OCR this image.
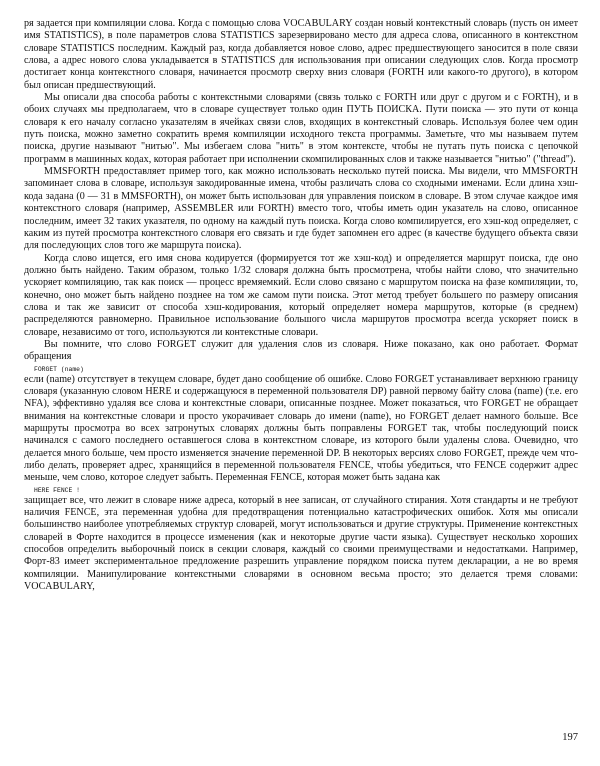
ря задается при компиляции слова. Когда с помощью слова VOCABULARY создан новый контекстный словарь (пусть он имеет имя STATISTICS), в поле параметров слова STATISTICS зарезервировано место для адреса слова, описанного в контекстном словаре STATISTICS последним. Каждый раз, когда добавляется новое слово, адрес предшествующего заносится в поле связи слова, а адрес нового слова укладывается в STATISTICS для использования при описании следующих слов. Когда просмотр достигает конца контекстного словаря, начинается просмотр сверху вниз словаря (FORTH или какого-то другого), в котором был описан предшествующий.

Мы описали два способа работы с контекстными словарями (связь только с FORTH или друг с другом и с FORTH), и в обоих случаях мы предполагаем, что в словаре существует только один ПУТЬ ПОИСКА. Пути поиска — это пути от конца словаря к его началу согласно указателям в ячейках связи слов, входящих в контекстный словарь. Используя более чем один путь поиска, можно заметно сократить время компиляции исходного текста программы. Заметьте, что мы называем путем поиска, другие называют "нитью". Мы избегаем слова "нить" в этом контексте, чтобы не путать путь поиска с цепочкой программ в машинных кодах, которая работает при исполнении скомпилированных слов и также называется "нитью" ("thread").

MMSFORTH предоставляет пример того, как можно использовать несколько путей поиска. Мы видели, что MMSFORTH запоминает слова в словаре, используя закодированные имена, чтобы различать слова со сходными именами. Если длина хэш-кода задана (0 — 31 в MMSFORTH), он может быть использован для управления поиском в словаре. В этом случае каждое имя контекстного словаря (например, ASSEMBLER или FORTH) вместо того, чтобы иметь один указатель на слово, описанное последним, имеет 32 таких указателя, по одному на каждый путь поиска. Когда слово компилируется, его хэш-код определяет, с каким из путей просмотра контекстного словаря его связать и где будет запомнен его адрес (в качестве будущего объекта связи для последующих слов того же маршрута поиска).

Когда слово ищется, его имя снова кодируется (формируется тот же хэш-код) и определяется маршрут поиска, где оно должно быть найдено. Таким образом, только 1/32 словаря должна быть просмотрена, чтобы найти слово, что значительно ускоряет компиляцию, так как поиск — процесс времяемкий. Если слово связано с маршрутом поиска на фазе компиляции, то, конечно, оно может быть найдено позднее на том же самом пути поиска. Этот метод требует большего по размеру описания слова и так же зависит от способа хэш-кодирования, который определяет номера маршрутов, которые (в среднем) распределяются равномерно. Правильное использование большого числа маршрутов просмотра всегда ускоряет поиск в словаре, независимо от того, используются ли контекстные словари.

Вы помните, что слово FORGET служит для удаления слов из словаря. Ниже показано, как оно работает. Формат обращения

FORGET (name)

если (name) отсутствует в текущем словаре, будет дано сообщение об ошибке. Слово FORGET устанавливает верхнюю границу словаря (указанную словом HERE и содержащуюся в переменной пользователя DP) равной первому байту слова (name) (т.е. его NFA), эффективно удаляя все слова и контекстные словари, описанные позднее. Может показаться, что FORGET не обращает внимания на контекстные словари и просто укорачивает словарь до имени (name), но FORGET делает намного больше. Все маршруты просмотра во всех затронутых словарях должны быть поправлены FORGET так, чтобы последующий поиск начинался с самого последнего оставшегося слова в контекстном словаре, из которого были удалены слова. Очевидно, что делается много больше, чем просто изменяется значение переменной DP. В некоторых версиях слово FORGET, прежде чем что-либо делать, проверяет адрес, хранящийся в переменной пользователя FENCE, чтобы убедиться, что FENCE содержит адрес меньше, чем слово, которое следует забыть. Переменная FENCE, которая может быть задана как

HERE FENCE !

защищает все, что лежит в словаре ниже адреса, который в нее записан, от случайного стирания. Хотя стандарты и не требуют наличия FENCE, эта переменная удобна для предотвращения потенциально катастрофических ошибок. Хотя мы описали большинство наиболее употребляемых структур словарей, могут использоваться и другие структуры. Применение контекстных словарей в Форте находится в процессе изменения (как и некоторые другие части языка). Существует несколько хороших способов определить выборочный поиск в секции словаря, каждый со своими преимуществами и недостатками. Например, Форт-83 имеет экспериментальное предложение разрешить управление порядком поиска путем декларации, а не во время компиляции. Манипулирование контекстными словарями в основном весьма просто; это делается тремя словами: VOCABULARY,

197
